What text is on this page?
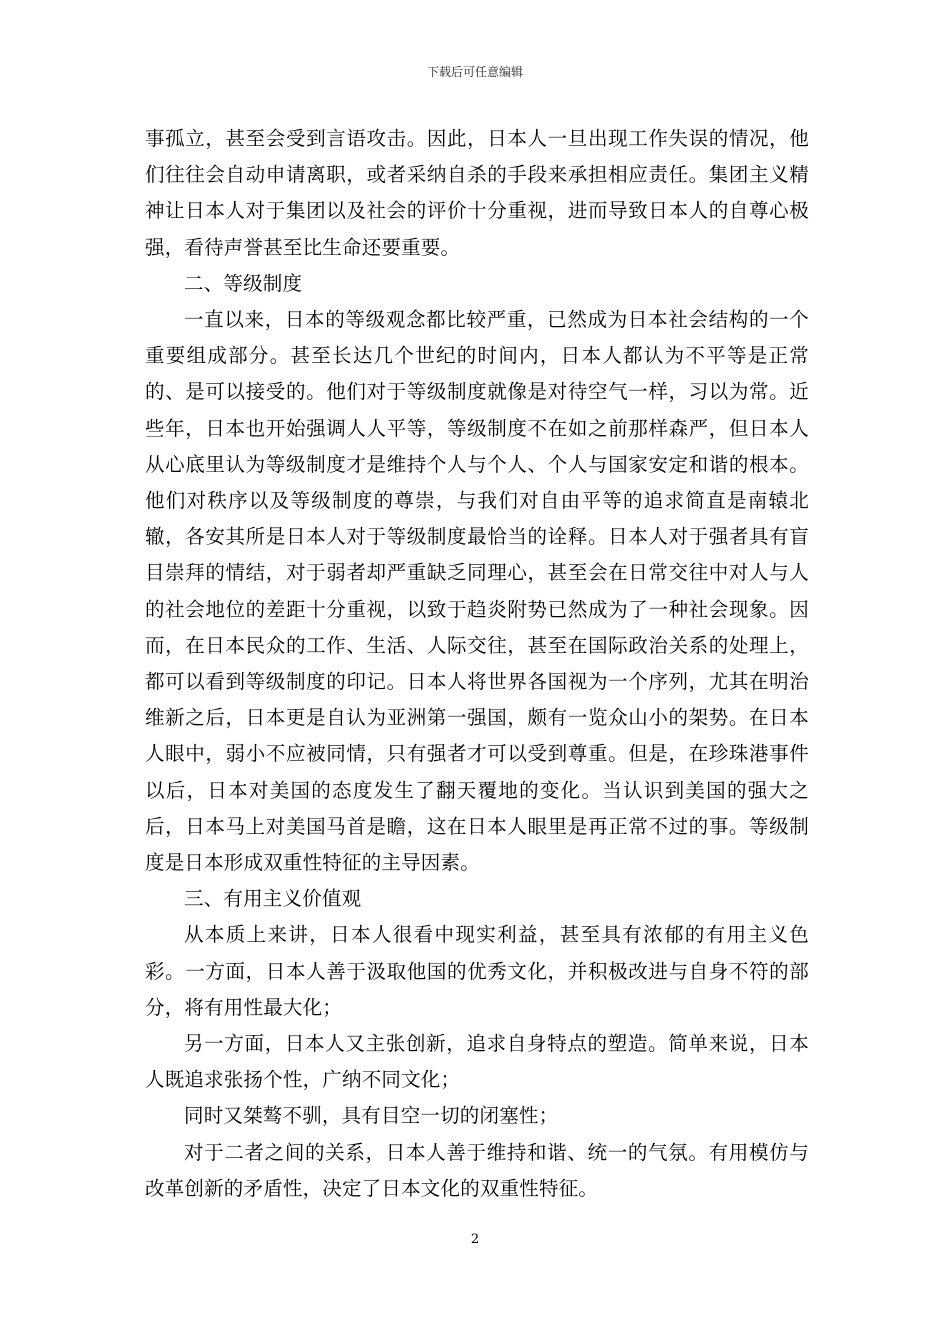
下载后可任意编辑

事孤立，甚至会受到言语攻击。因此，日本人一旦出现工作失误的情况，他们往往会自动申请离职，或者采纳自杀的手段来承担相应责任。集团主义精神让日本人对于集团以及社会的评价十分重视，进而导致日本人的自尊心极强，看待声誉甚至比生命还要重要。

二、等级制度

一直以来，日本的等级观念都比较严重，已然成为日本社会结构的一个重要组成部分。甚至长达几个世纪的时间内，日本人都认为不平等是正常的、是可以接受的。他们对于等级制度就像是对待空气一样，习以为常。近些年，日本也开始强调人人平等，等级制度不在如之前那样森严，但日本人从心底里认为等级制度才是维持个人与个人、个人与国家安定和谐的根本。他们对秩序以及等级制度的尊崇，与我们对自由平等的追求简直是南辕北辙，各安其所是日本人对于等级制度最恰当的诠释。日本人对于强者具有盲目崇拜的情结，对于弱者却严重缺乏同理心，甚至会在日常交往中对人与人的社会地位的差距十分重视，以致于趋炎附势已然成为了一种社会现象。因而，在日本民众的工作、生活、人际交往，甚至在国际政治关系的处理上，都可以看到等级制度的印记。日本人将世界各国视为一个序列，尤其在明治维新之后，日本更是自认为亚洲第一强国，颇有一览众山小的架势。在日本人眼中，弱小不应被同情，只有强者才可以受到尊重。但是，在珍珠港事件以后，日本对美国的态度发生了翻天覆地的变化。当认识到美国的强大之后，日本马上对美国马首是瞻，这在日本人眼里是再正常不过的事。等级制度是日本形成双重性特征的主导因素。

三、有用主义价值观

从本质上来讲，日本人很看中现实利益，甚至具有浓郁的有用主义色彩。一方面，日本人善于汲取他国的优秀文化，并积极改进与自身不符的部分，将有用性最大化；

另一方面，日本人又主张创新，追求自身特点的塑造。简单来说，日本人既追求张扬个性，广纳不同文化；

同时又桀骜不驯，具有目空一切的闭塞性；

对于二者之间的关系，日本人善于维持和谐、统一的气氛。有用模仿与改革创新的矛盾性，决定了日本文化的双重性特征。

2
